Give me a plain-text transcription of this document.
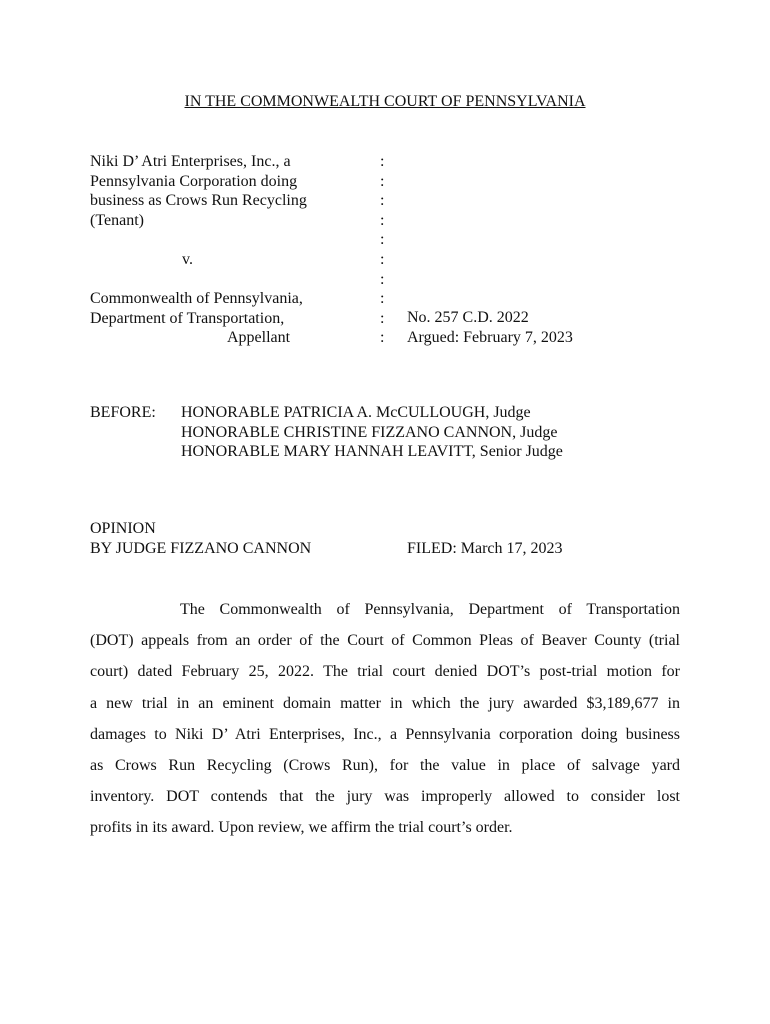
IN THE COMMONWEALTH COURT OF PENNSYLVANIA
Niki D’ Atri Enterprises, Inc., a
Pennsylvania Corporation doing
business as Crows Run Recycling
(Tenant)
v.
Commonwealth of Pennsylvania,
Department of Transportation,
Appellant
:
:
:
:
:
:
:
:
:
:
No. 257 C.D. 2022
Argued: February 7, 2023
BEFORE: HONORABLE PATRICIA A. McCULLOUGH, Judge
HONORABLE CHRISTINE FIZZANO CANNON, Judge
HONORABLE MARY HANNAH LEAVITT, Senior Judge
OPINION
BY JUDGE FIZZANO CANNON	FILED: March 17, 2023
The Commonwealth of Pennsylvania, Department of Transportation
(DOT) appeals from an order of the Court of Common Pleas of Beaver County (trial
court) dated February 25, 2022. The trial court denied DOT’s post-trial motion for
a new trial in an eminent domain matter in which the jury awarded $3,189,677 in
damages to Niki D’ Atri Enterprises, Inc., a Pennsylvania corporation doing business
as Crows Run Recycling (Crows Run), for the value in place of salvage yard
inventory. DOT contends that the jury was improperly allowed to consider lost
profits in its award. Upon review, we affirm the trial court’s order.
